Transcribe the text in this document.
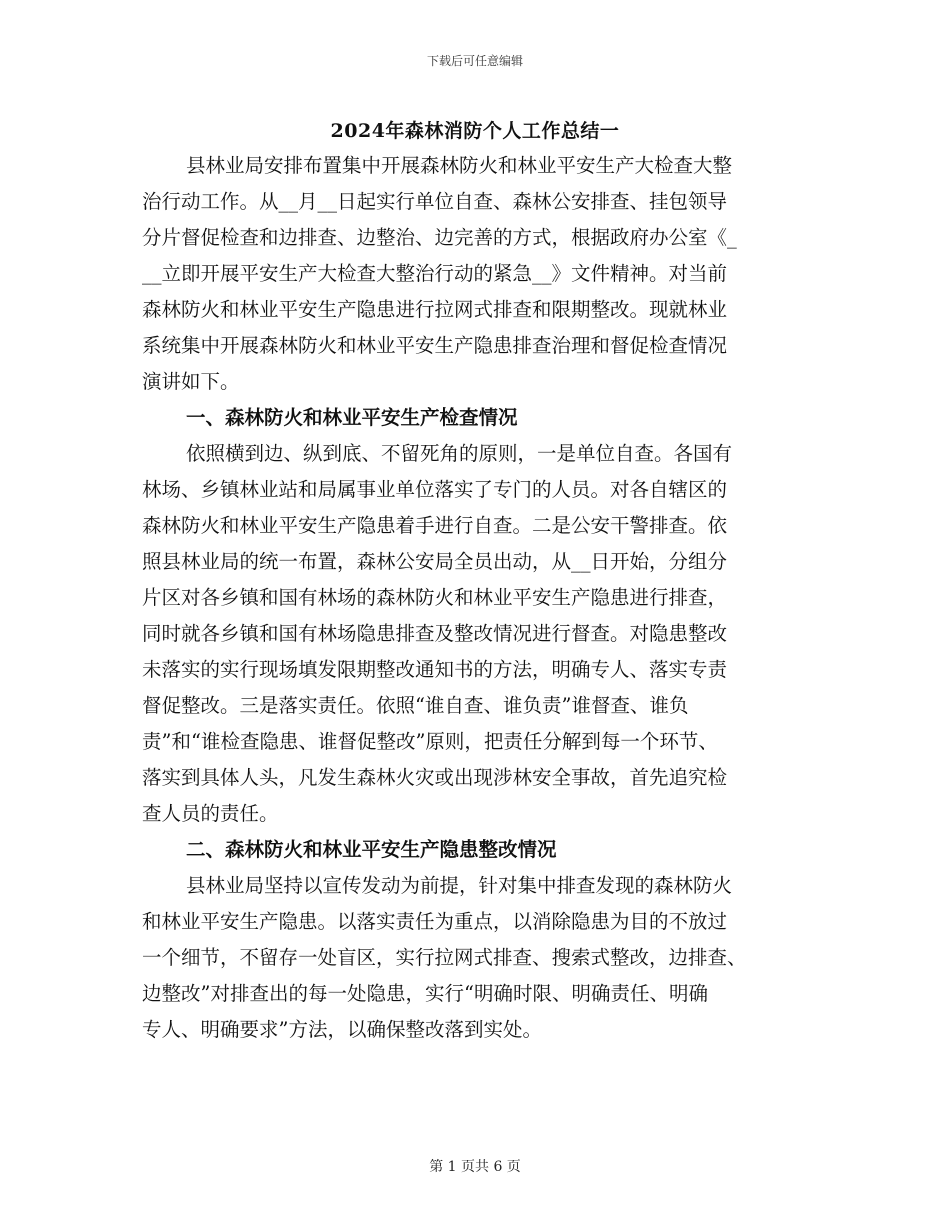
下载后可任意编辑
2024年森林消防个人工作总结一
县林业局安排布置集中开展森林防火和林业平安生产大检查大整
治行动工作。从__月__日起实行单位自查、森林公安排查、挂包领导
分片督促检查和边排查、边整治、边完善的方式，根据政府办公室《_
__立即开展平安生产大检查大整治行动的紧急__》文件精神。对当前
森林防火和林业平安生产隐患进行拉网式排查和限期整改。现就林业
系统集中开展森林防火和林业平安生产隐患排查治理和督促检查情况
演讲如下。
一、森林防火和林业平安生产检查情况
依照横到边、纵到底、不留死角的原则，一是单位自查。各国有
林场、乡镇林业站和局属事业单位落实了专门的人员。对各自辖区的
森林防火和林业平安生产隐患着手进行自查。二是公安干警排查。依
照县林业局的统一布置，森林公安局全员出动，从__日开始，分组分
片区对各乡镇和国有林场的森林防火和林业平安生产隐患进行排查，
同时就各乡镇和国有林场隐患排查及整改情况进行督查。对隐患整改
未落实的实行现场填发限期整改通知书的方法，明确专人、落实专责
督促整改。三是落实责任。依照“谁自查、谁负责”谁督查、谁负
责”和“谁检查隐患、谁督促整改”原则，把责任分解到每一个环节、
落实到具体人头，凡发生森林火灾或出现涉林安全事故，首先追究检
查人员的责任。
二、森林防火和林业平安生产隐患整改情况
县林业局坚持以宣传发动为前提，针对集中排查发现的森林防火
和林业平安生产隐患。以落实责任为重点，以消除隐患为目的不放过
一个细节，不留存一处盲区，实行拉网式排查、搜索式整改，边排查、
边整改”对排查出的每一处隐患，实行“明确时限、明确责任、明确
专人、明确要求”方法，以确保整改落到实处。
第 1 页共 6 页
